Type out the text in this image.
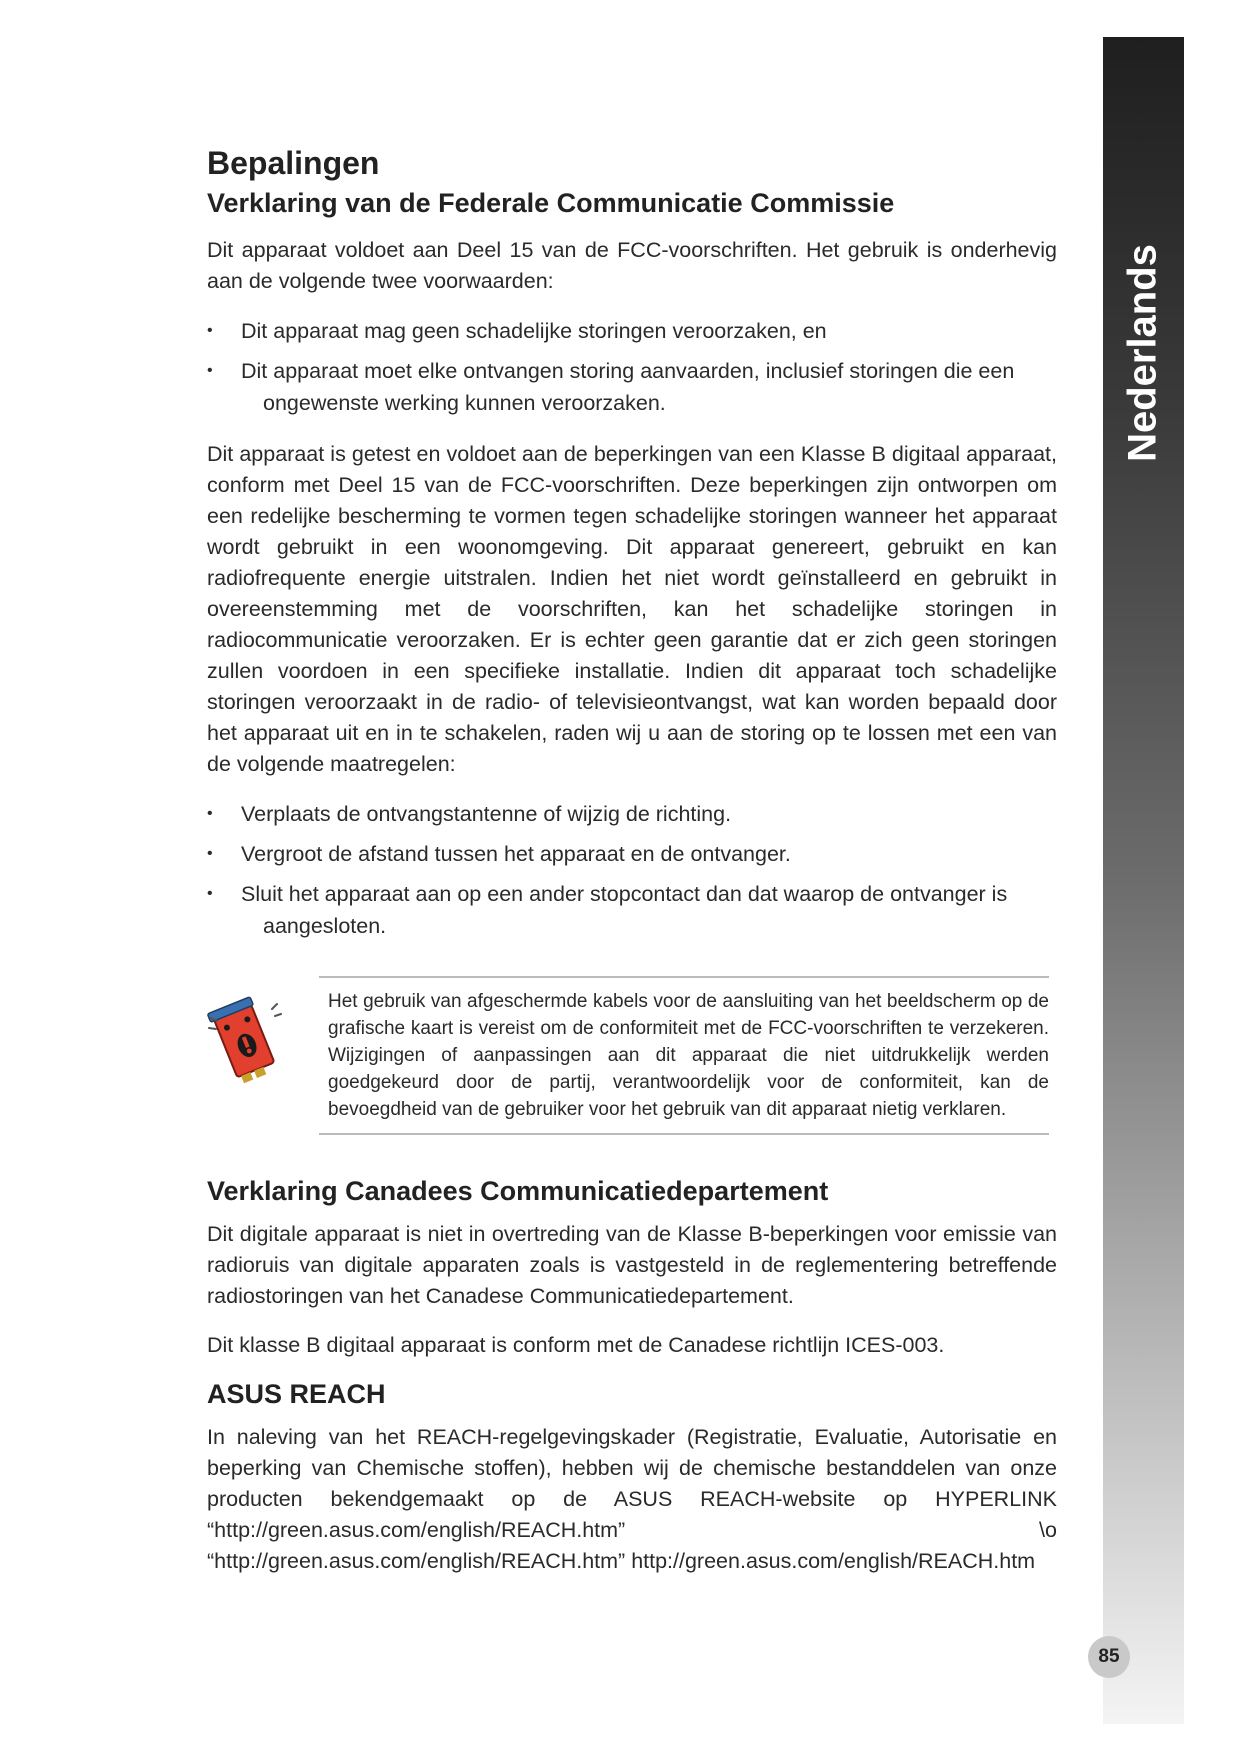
Nederlands
85
Bepalingen
Verklaring van de Federale Communicatie Commissie

Dit apparaat voldoet aan Deel 15 van de FCC-voorschriften. Het gebruik is onderhevig aan de volgende twee voorwaarden:

• Dit apparaat mag geen schadelijke storingen veroorzaken, en
• Dit apparaat moet elke ontvangen storing aanvaarden, inclusief storingen die een
ongewenste werking kunnen veroorzaken.

Dit apparaat is getest en voldoet aan de beperkingen van een Klasse B digitaal apparaat, conform met Deel 15 van de FCC-voorschriften. Deze beperkingen zijn ontworpen om een redelijke bescherming te vormen tegen schadelijke storingen wanneer het apparaat wordt gebruikt in een woonomgeving. Dit apparaat genereert, gebruikt en kan radiofrequente energie uitstralen. Indien het niet wordt geïnstalleerd en gebruikt in overeenstemming met de voorschriften, kan het schadelijke storingen in radiocommunicatie veroorzaken. Er is echter geen garantie dat er zich geen storingen zullen voordoen in een specifieke installatie. Indien dit apparaat toch schadelijke storingen veroorzaakt in de radio- of televisieontvangst, wat kan worden bepaald door het apparaat uit en in te schakelen, raden wij u aan de storing op te lossen met een van de volgende maatregelen:

• Verplaats de ontvangstantenne of wijzig de richting.
• Vergroot de afstand tussen het apparaat en de ontvanger.
• Sluit het apparaat aan op een ander stopcontact dan dat waarop de ontvanger is
aangesloten.

Het gebruik van afgeschermde kabels voor de aansluiting van het beeldscherm op de grafische kaart is vereist om de conformiteit met de FCC-voorschriften te verzekeren. Wijzigingen of aanpassingen aan dit apparaat die niet uitdrukkelijk werden goedgekeurd door de partij, verantwoordelijk voor de conformiteit, kan de bevoegdheid van de gebruiker voor het gebruik van dit apparaat nietig verklaren.

Verklaring Canadees Communicatiedepartement

Dit digitale apparaat is niet in overtreding van de Klasse B-beperkingen voor emissie van radioruis van digitale apparaten zoals is vastgesteld in de reglementering betreffende radiostoringen van het Canadese Communicatiedepartement.

Dit klasse B digitaal apparaat is conform met de Canadese richtlijn ICES-003.

ASUS REACH

In naleving van het REACH-regelgevingskader (Registratie, Evaluatie, Autorisatie en beperking van Chemische stoffen), hebben wij de chemische bestanddelen van onze producten bekendgemaakt op de ASUS REACH-website op HYPERLINK “http://green.asus.com/english/REACH.htm” \o “http://green.asus.com/english/REACH.htm” http://green.asus.com/english/REACH.htm
